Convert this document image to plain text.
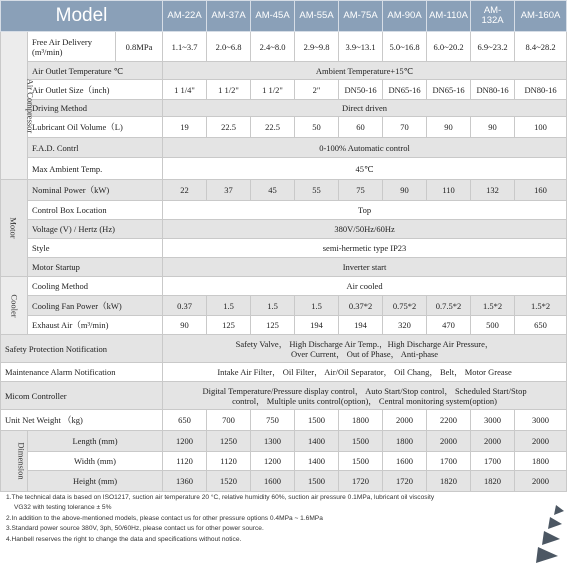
Model			AM-22A	AM-37A	AM-45A	AM-55A	AM-75A	AM-90A	AM-110A	AM-132A	AM-160A
Air Compressor	Free Air Delivery (m³/min)	0.8MPa	1.1~3.7	2.0~6.8	2.4~8.0	2.9~9.8	3.9~13.1	5.0~16.8	6.0~20.2	6.9~23.2	8.4~28.2
	Air Outlet Temperature ℃		Ambient Temperature+15℃								
	Air Outlet Size（inch)		1 1/4"	1 1/2"	1 1/2"	2"	DN50-16	DN65-16	DN65-16	DN80-16	DN80-16
	Driving Method		Direct driven								
	Lubricant Oil Volume（L)		19	22.5	22.5	50	60	70	90	90	100
	F.A.D. Contrl		0-100% Automatic control								
	Max Ambient Temp.		45℃								
Motor	Nominal Power（kW)		22	37	45	55	75	90	110	132	160
	Control Box Location		Top								
	Voltage (V) / Hertz (Hz)		380V/50Hz/60Hz								
	Style		semi-hermetic type IP23								
	Motor Startup		Inverter start								
Cooler	Cooling Method		Air cooled								
	Cooling Fan Power（kW)		0.37	1.5	1.5	1.5	0.37*2	0.75*2	0.7.5*2	1.5*2	1.5*2
	Exhaust Air（m³/min)		90	125	125	194	194	320	470	500	650
Safety Protection Notification			Safety Valve， High Discharge Air Temp.，High Discharge Air Pressure，
Over Current， Out of Phase， Anti-phase								

Maintenance Alarm Notification			Intake Air Filter， Oil Filter， Air/Oil Separator， Oil Chang， Belt， Motor Grease								
Micom Controller			Digital Temperature/Pressure display control， Auto Start/Stop control， Scheduled Start/Stop
control， Multiple units control(option)， Central monitoring system(option)								

Unit Net Weight （kg)			650	700	750	1500	1800	2000	2200	3000	3000
Dimension	Length (mm)		1200	1250	1300	1400	1500	1800	2000	2000	2000
	Width (mm)		1120	1120	1200	1400	1500	1600	1700	1700	1800
	Height (mm)		1360	1520	1600	1500	1720	1720	1820	1820	2000
1.The technical data is based on ISO1217, suction air temperature 20 °C, relative humidity 60%, suction air pressure 0.1MPa, lubricant oil viscosity
VG32 with testing tolerance ± 5%
2.In addition to the above-mentioned models, please contact us for other pressure options 0.4MPa ~ 1.6MPa
3.Standard power source 380V, 3ph, 50/60Hz, please contact us for other power source.
4.Hanbell reserves the right to change the data and specifications without notice.
